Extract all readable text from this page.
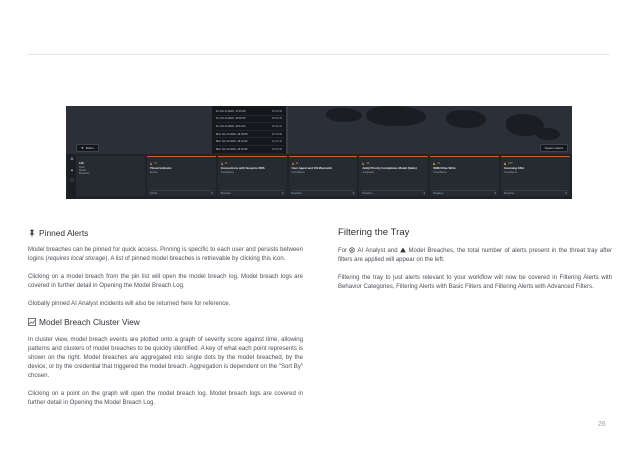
Fri Oct 14 2022, 17:33:36	05:33:36
Fri Oct 14 2022, 15:02:40	03:02:40
Fri Oct 14 2022, 14:41:04	02:41:04
Mon Oct 10 2022, 18:33:08	06:33:08
Mon Oct 10 2022, 16:41:44	04:41:44
Mon Oct 10 2022, 15:43:36	03:43:36
⧩ Filters	System Alerts
⚙
▲
▢
116
Total
Model
Breaches
74
Threat Indicator
Device
Critical	⚲
31
Connections with Suspicio DNS
Compliance
Breaches	⚲
21
User Agent and CN Mismatch
Compliance
Breaches	⚲
63
Antiji Priority Compliance Model (Suite)
Antigravity
Breaches	⚲
31
SMB Drive Write
Compliance
Breaches	⚲
100
Incoming SSH
Compliance
Breaches	⚲
Pinned Alerts

Model breaches can be pinned for quick access. Pinning is specific to each user and persists between logins (requires local storage). A list of pinned model breaches is retrievable by clicking this icon.

Clicking on a model breach from the pin list will open the model breach log. Model breach logs are covered in further detail in Opening the Model Breach Log.

Globally pinned AI Analyst incidents will also be returned here for reference.

Model Breach Cluster View

In cluster view, model breach events are plotted onto a graph of severity score against time, allowing patterns and clusters of model breaches to be quickly identified. A key of what each point represents is shown on the right. Model breaches are aggregated into single dots by the model breached, by the device, or by the credential that triggered the model breach. Aggregation is dependent on the "Sort By" chosen.

Clicking on a point on the graph will open the model breach log. Model breach logs are covered in further detail in Opening the Model Breach Log.

Filtering the Tray

For AI Analyst and Model Breaches, the total number of alerts present in the threat tray after filters are applied will appear on the left.

Filtering the tray to just alerts relevant to your workflow will now be covered in Filtering Alerts with Behavior Categories, Filtering Alerts with Basic Filters and Filtering Alerts with Advanced Filters.

26
